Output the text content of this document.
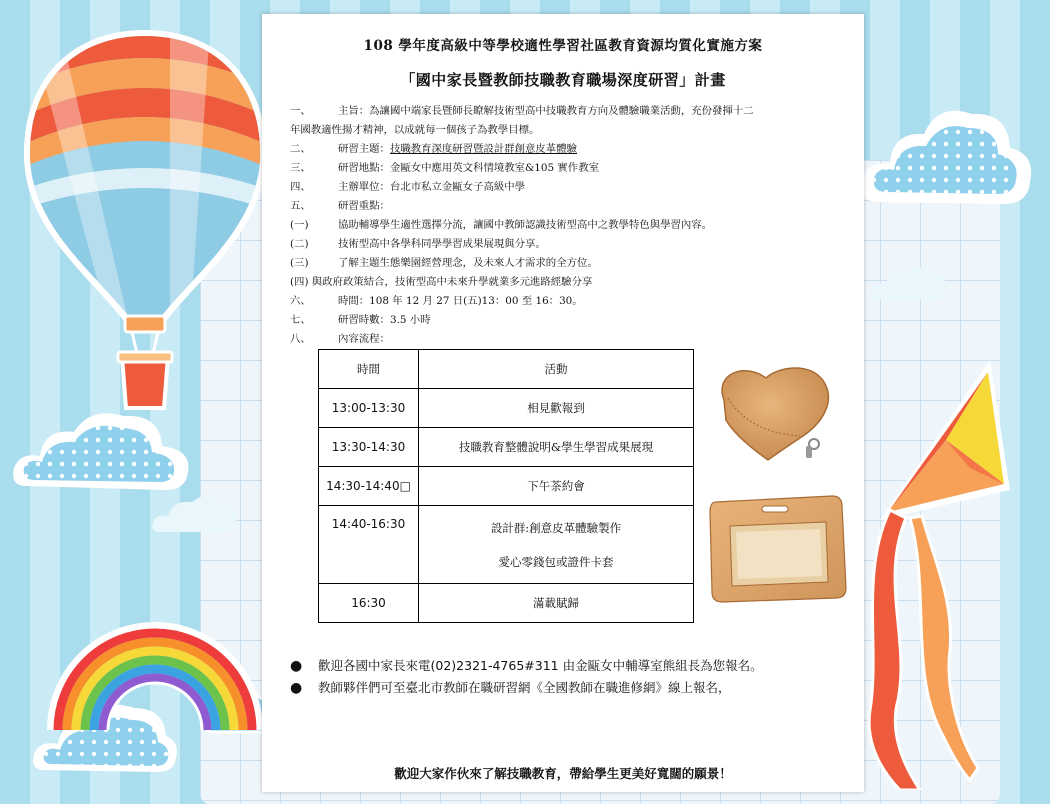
108 學年度高級中等學校適性學習社區教育資源均質化實施方案
「國中家長暨教師技職教育職場深度研習」計畫
一、	主旨：為讓國中端家長暨師長瞭解技術型高中技職教育方向及體驗職業活動，充份發揮十二
年國教適性揚才精神，以成就每一個孩子為教學目標。
二、	研習主題：技職教育深度研習暨設計群創意皮革體驗
三、	研習地點：金甌女中應用英文科情境教室&105 實作教室
四、	主辦單位：台北市私立金甌女子高級中學
五、	研習重點：
(一)	協助輔導學生適性選擇分流，讓國中教師認識技術型高中之教學特色與學習內容。
(二)	技術型高中各學科同學學習成果展現與分享。
(三)	了解主題生態樂園經營理念，及未來人才需求的全方位。
(四) 與政府政策結合，技術型高中未來升學就業多元進路經驗分享
六、	時間：108 年 12 月 27 日(五)13：00 至 16：30。
七、	研習時數：3.5 小時
八、	內容流程：
時間	活動
13:00-13:30	相見歡報到
13:30-14:30	技職教育整體說明&學生學習成果展現
14:30-14:40□	下午茶約會
14:40-16:30	設計群:創意皮革體驗製作
愛心零錢包或證件卡套

16:30	滿載賦歸
●	歡迎各國中家長來電(02)2321-4765#311 由金甌女中輔導室熊組長為您報名。
●	教師夥伴們可至臺北市教師在職研習網《全國教師在職進修網》線上報名，
歡迎大家作伙來了解技職教育，帶給學生更美好寬闊的願景！
